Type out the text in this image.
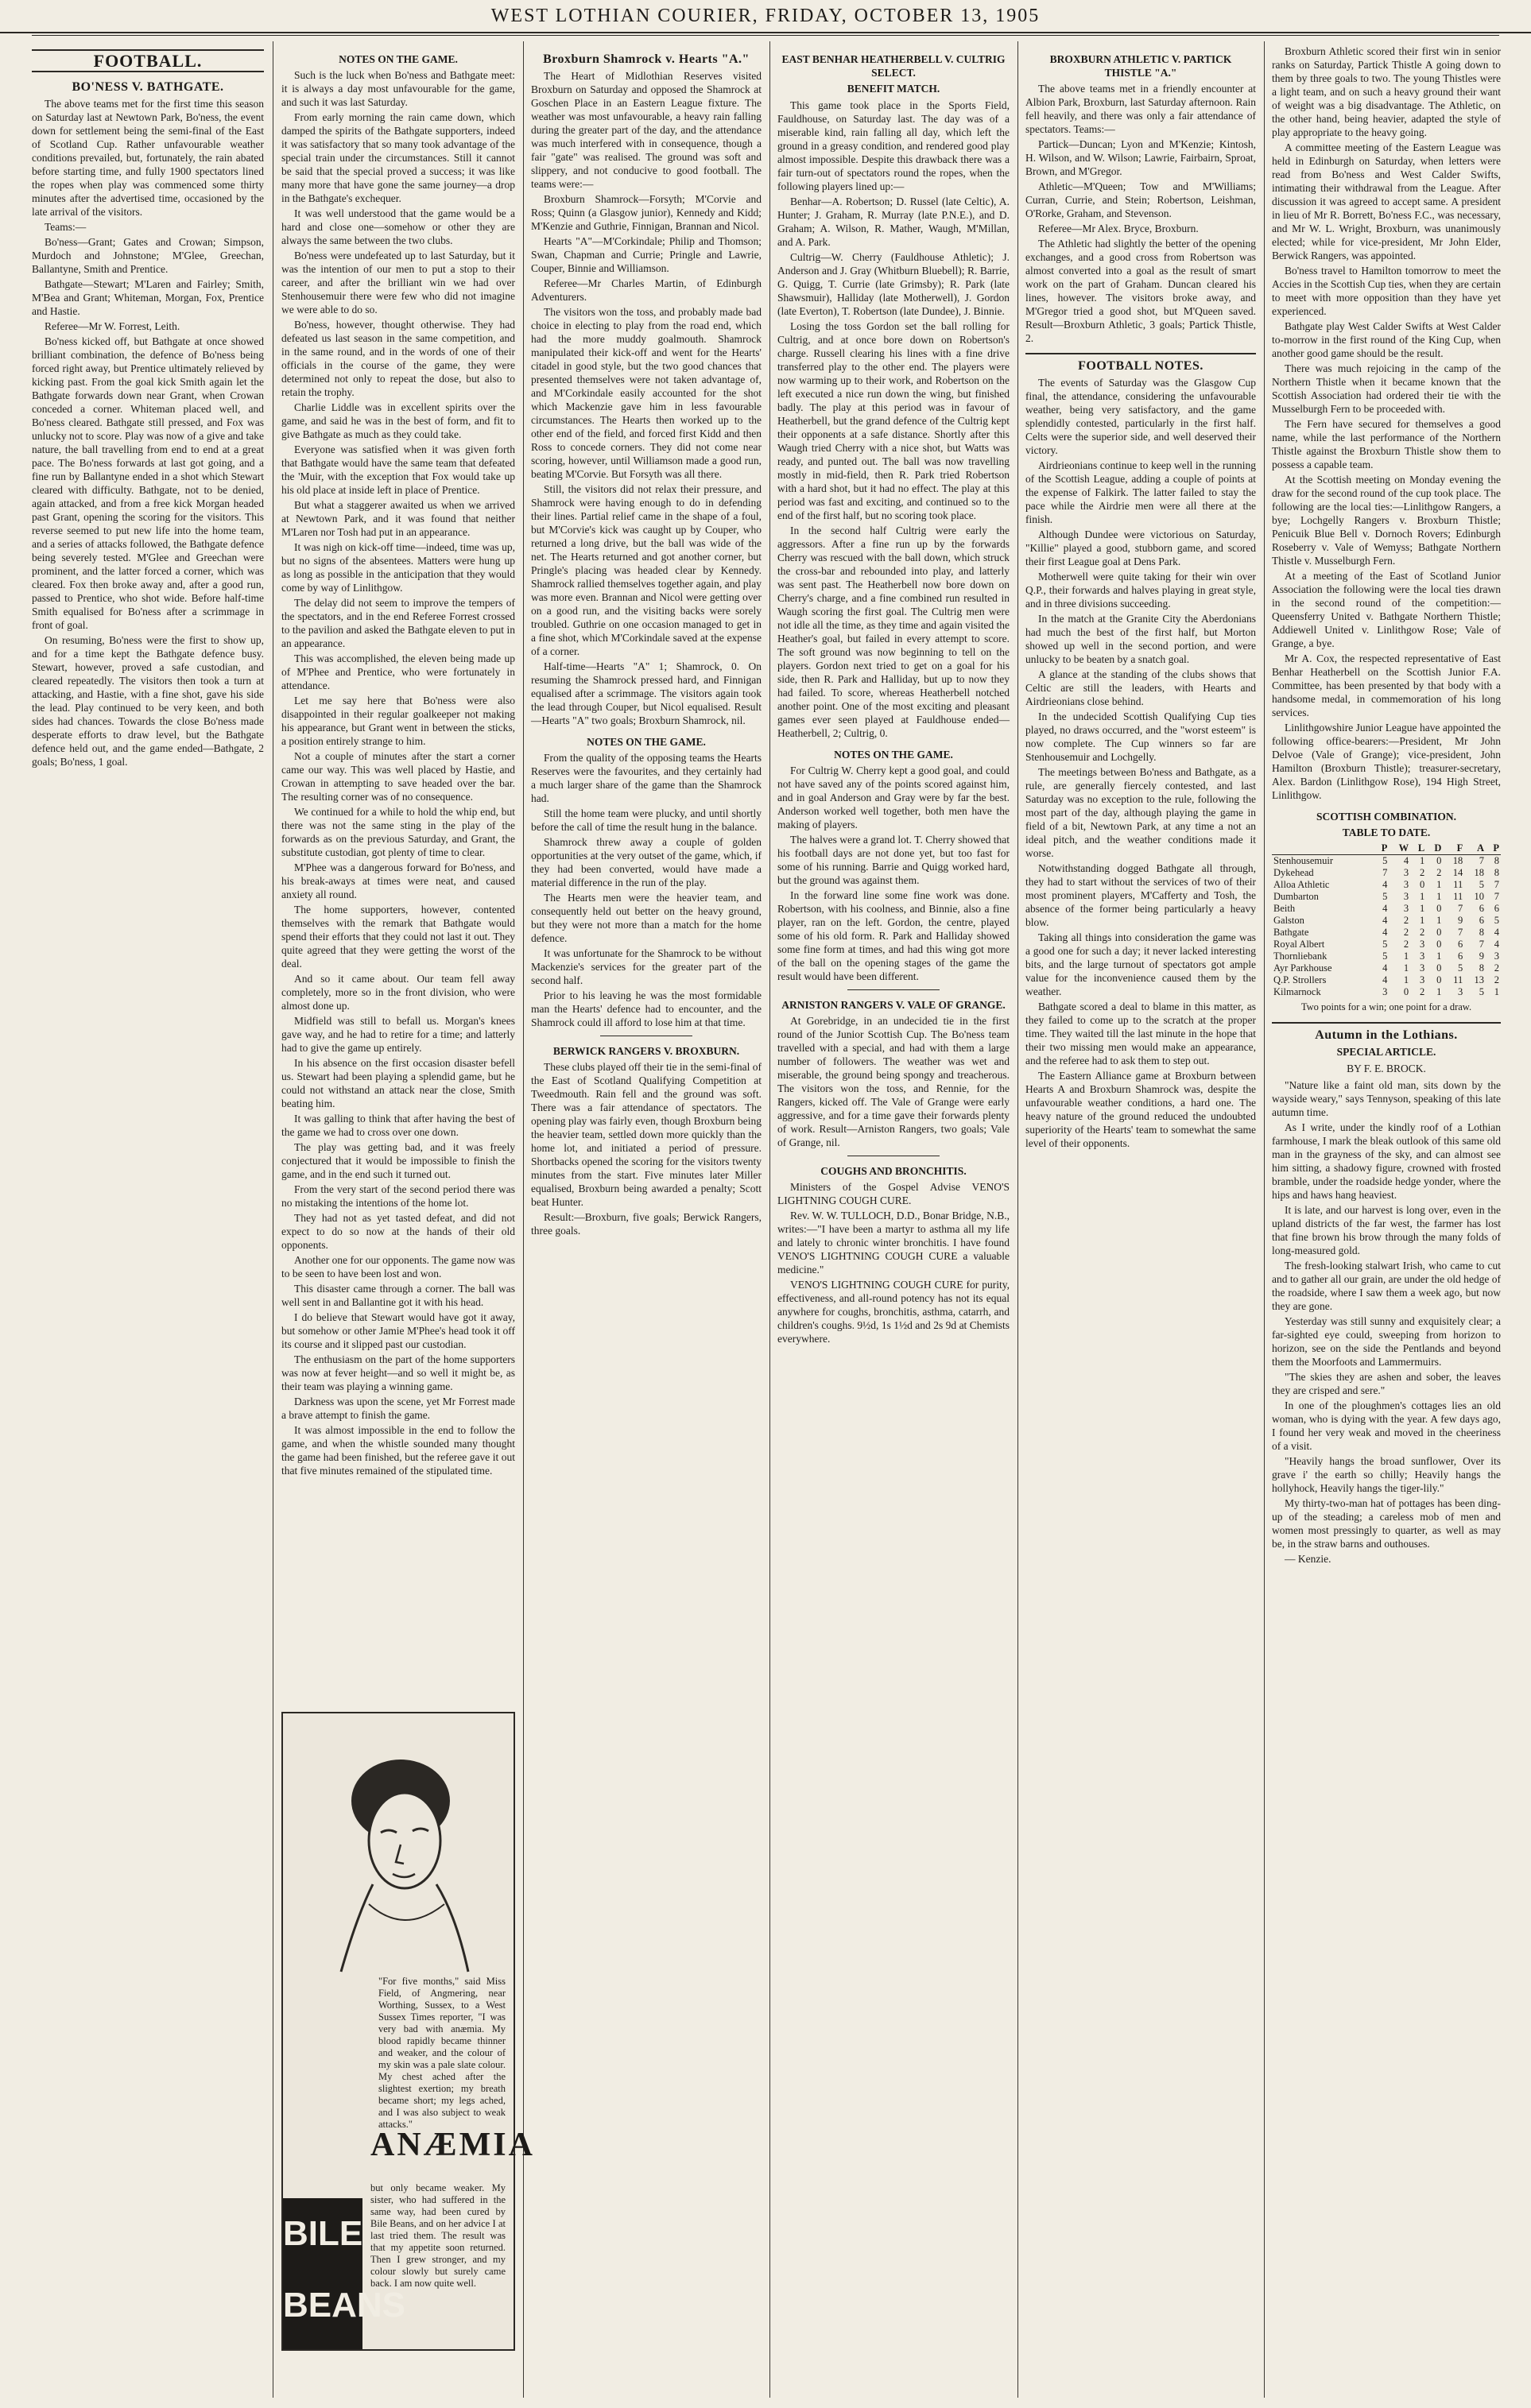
WEST LOTHIAN COURIER, FRIDAY, OCTOBER 13, 1905
FOOTBALL.
BO'NESS V. BATHGATE.

The above teams met for the first time this season on Saturday last at Newtown Park, Bo'ness, the event down for settlement being the semi-final of the East of Scotland Cup. Rather unfavourable weather conditions prevailed, but, fortunately, the rain abated before starting time, and fully 1900 spectators lined the ropes when play was commenced some thirty minutes after the advertised time, occasioned by the late arrival of the visitors.

Teams:—

Bo'ness—Grant; Gates and Crowan; Simpson, Murdoch and Johnstone; M'Glee, Greechan, Ballantyne, Smith and Prentice.

Bathgate—Stewart; M'Laren and Fairley; Smith, M'Bea and Grant; Whiteman, Morgan, Fox, Prentice and Hastie.

Referee—Mr W. Forrest, Leith.

Bo'ness kicked off, but Bathgate at once showed brilliant combination, the defence of Bo'ness being forced right away, but Prentice ultimately relieved by kicking past. From the goal kick Smith again let the Bathgate forwards down near Grant, when Crowan conceded a corner. Whiteman placed well, and Bo'ness cleared. Bathgate still pressed, and Fox was unlucky not to score. Play was now of a give and take nature, the ball travelling from end to end at a great pace. The Bo'ness forwards at last got going, and a fine run by Ballantyne ended in a shot which Stewart cleared with difficulty. Bathgate, not to be denied, again attacked, and from a free kick Morgan headed past Grant, opening the scoring for the visitors. This reverse seemed to put new life into the home team, and a series of attacks followed, the Bathgate defence being severely tested. M'Glee and Greechan were prominent, and the latter forced a corner, which was cleared. Fox then broke away and, after a good run, passed to Prentice, who shot wide. Before half-time Smith equalised for Bo'ness after a scrimmage in front of goal.

On resuming, Bo'ness were the first to show up, and for a time kept the Bathgate defence busy. Stewart, however, proved a safe custodian, and cleared repeatedly. The visitors then took a turn at attacking, and Hastie, with a fine shot, gave his side the lead. Play continued to be very keen, and both sides had chances. Towards the close Bo'ness made desperate efforts to draw level, but the Bathgate defence held out, and the game ended—Bathgate, 2 goals; Bo'ness, 1 goal.

NOTES ON THE GAME.

Such is the luck when Bo'ness and Bathgate meet: it is always a day most unfavourable for the game, and such it was last Saturday.

From early morning the rain came down, which damped the spirits of the Bathgate supporters, indeed it was satisfactory that so many took advantage of the special train under the circumstances. Still it cannot be said that the special proved a success; it was like many more that have gone the same journey—a drop in the Bathgate's exchequer.

It was well understood that the game would be a hard and close one—somehow or other they are always the same between the two clubs.

Bo'ness were undefeated up to last Saturday, but it was the intention of our men to put a stop to their career, and after the brilliant win we had over Stenhousemuir there were few who did not imagine we were able to do so.

Bo'ness, however, thought otherwise. They had defeated us last season in the same competition, and in the same round, and in the words of one of their officials in the course of the game, they were determined not only to repeat the dose, but also to retain the trophy.

Charlie Liddle was in excellent spirits over the game, and said he was in the best of form, and fit to give Bathgate as much as they could take.

Everyone was satisfied when it was given forth that Bathgate would have the same team that defeated the 'Muir, with the exception that Fox would take up his old place at inside left in place of Prentice.

But what a staggerer awaited us when we arrived at Newtown Park, and it was found that neither M'Laren nor Tosh had put in an appearance.

It was nigh on kick-off time—indeed, time was up, but no signs of the absentees. Matters were hung up as long as possible in the anticipation that they would come by way of Linlithgow.

The delay did not seem to improve the tempers of the spectators, and in the end Referee Forrest crossed to the pavilion and asked the Bathgate eleven to put in an appearance.

This was accomplished, the eleven being made up of M'Phee and Prentice, who were fortunately in attendance.

Let me say here that Bo'ness were also disappointed in their regular goalkeeper not making his appearance, but Grant went in between the sticks, a position entirely strange to him.

Not a couple of minutes after the start a corner came our way. This was well placed by Hastie, and Crowan in attempting to save headed over the bar. The resulting corner was of no consequence.

We continued for a while to hold the whip end, but there was not the same sting in the play of the forwards as on the previous Saturday, and Grant, the substitute custodian, got plenty of time to clear.

M'Phee was a dangerous forward for Bo'ness, and his break-aways at times were neat, and caused anxiety all round.

The home supporters, however, contented themselves with the remark that Bathgate would spend their efforts that they could not last it out. They quite agreed that they were getting the worst of the deal.

And so it came about. Our team fell away completely, more so in the front division, who were almost done up.

Midfield was still to befall us. Morgan's knees gave way, and he had to retire for a time; and latterly had to give the game up entirely.

In his absence on the first occasion disaster befell us. Stewart had been playing a splendid game, but he could not withstand an attack near the close, Smith beating him.

It was galling to think that after having the best of the game we had to cross over one down.

The play was getting bad, and it was freely conjectured that it would be impossible to finish the game, and in the end such it turned out.

From the very start of the second period there was no mistaking the intentions of the home lot.

They had not as yet tasted defeat, and did not expect to do so now at the hands of their old opponents.

Another one for our opponents. The game now was to be seen to have been lost and won.

This disaster came through a corner. The ball was well sent in and Ballantine got it with his head.

I do believe that Stewart would have got it away, but somehow or other Jamie M'Phee's head took it off its course and it slipped past our custodian.

The enthusiasm on the part of the home supporters was now at fever height—and so well it might be, as their team was playing a winning game.

Darkness was upon the scene, yet Mr Forrest made a brave attempt to finish the game.

It was almost impossible in the end to follow the game, and when the whistle sounded many thought the game had been finished, but the referee gave it out that five minutes remained of the stipulated time.

"For five months," said Miss Field, of Angmering, near Worthing, Sussex, to a West Sussex Times reporter, "I was very bad with anæmia. My blood rapidly became thinner and weaker, and the colour of my skin was a pale slate colour. My chest ached after the slightest exertion; my breath became short; my legs ached, and I was also subject to weak attacks."
ANÆMIA
but only became weaker. My sister, who had suffered in the same way, had been cured by Bile Beans, and on her advice I at last tried them. The result was that my appetite soon returned. Then I grew stronger, and my colour slowly but surely came back. I am now quite well.
BILE BEANS
Broxburn Shamrock v. Hearts "A."

The Heart of Midlothian Reserves visited Broxburn on Saturday and opposed the Shamrock at Goschen Place in an Eastern League fixture. The weather was most unfavourable, a heavy rain falling during the greater part of the day, and the attendance was much interfered with in consequence, though a fair "gate" was realised. The ground was soft and slippery, and not conducive to good football. The teams were:—

Broxburn Shamrock—Forsyth; M'Corvie and Ross; Quinn (a Glasgow junior), Kennedy and Kidd; M'Kenzie and Guthrie, Finnigan, Brannan and Nicol.

Hearts "A"—M'Corkindale; Philip and Thomson; Swan, Chapman and Currie; Pringle and Lawrie, Couper, Binnie and Williamson.

Referee—Mr Charles Martin, of Edinburgh Adventurers.

The visitors won the toss, and probably made bad choice in electing to play from the road end, which had the more muddy goalmouth. Shamrock manipulated their kick-off and went for the Hearts' citadel in good style, but the two good chances that presented themselves were not taken advantage of, and M'Corkindale easily accounted for the shot which Mackenzie gave him in less favourable circumstances. The Hearts then worked up to the other end of the field, and forced first Kidd and then Ross to concede corners. They did not come near scoring, however, until Williamson made a good run, beating M'Corvie. But Forsyth was all there.

Still, the visitors did not relax their pressure, and Shamrock were having enough to do in defending their lines. Partial relief came in the shape of a foul, but M'Corvie's kick was caught up by Couper, who returned a long drive, but the ball was wide of the net. The Hearts returned and got another corner, but Pringle's placing was headed clear by Kennedy. Shamrock rallied themselves together again, and play was more even. Brannan and Nicol were getting over on a good run, and the visiting backs were sorely troubled. Guthrie on one occasion managed to get in a fine shot, which M'Corkindale saved at the expense of a corner.

Half-time—Hearts "A" 1; Shamrock, 0. On resuming the Shamrock pressed hard, and Finnigan equalised after a scrimmage. The visitors again took the lead through Couper, but Nicol equalised. Result—Hearts "A" two goals; Broxburn Shamrock, nil.

NOTES ON THE GAME.

From the quality of the opposing teams the Hearts Reserves were the favourites, and they certainly had a much larger share of the game than the Shamrock had.

Still the home team were plucky, and until shortly before the call of time the result hung in the balance.

Shamrock threw away a couple of golden opportunities at the very outset of the game, which, if they had been converted, would have made a material difference in the run of the play.

The Hearts men were the heavier team, and consequently held out better on the heavy ground, but they were not more than a match for the home defence.

It was unfortunate for the Shamrock to be without Mackenzie's services for the greater part of the second half.

Prior to his leaving he was the most formidable man the Hearts' defence had to encounter, and the Shamrock could ill afford to lose him at that time.

BERWICK RANGERS V. BROXBURN.

These clubs played off their tie in the semi-final of the East of Scotland Qualifying Competition at Tweedmouth. Rain fell and the ground was soft. There was a fair attendance of spectators. The opening play was fairly even, though Broxburn being the heavier team, settled down more quickly than the home lot, and initiated a period of pressure. Shortbacks opened the scoring for the visitors twenty minutes from the start. Five minutes later Miller equalised, Broxburn being awarded a penalty; Scott beat Hunter.

Result:—Broxburn, five goals; Berwick Rangers, three goals.

EAST BENHAR HEATHERBELL V. CULTRIG SELECT.
BENEFIT MATCH.

This game took place in the Sports Field, Fauldhouse, on Saturday last. The day was of a miserable kind, rain falling all day, which left the ground in a greasy condition, and rendered good play almost impossible. Despite this drawback there was a fair turn-out of spectators round the ropes, when the following players lined up:—

Benhar—A. Robertson; D. Russel (late Celtic), A. Hunter; J. Graham, R. Murray (late P.N.E.), and D. Graham; A. Wilson, R. Mather, Waugh, M'Millan, and A. Park.

Cultrig—W. Cherry (Fauldhouse Athletic); J. Anderson and J. Gray (Whitburn Bluebell); R. Barrie, G. Quigg, T. Currie (late Grimsby); R. Park (late Shawsmuir), Halliday (late Motherwell), J. Gordon (late Everton), T. Robertson (late Dundee), J. Binnie.

Losing the toss Gordon set the ball rolling for Cultrig, and at once bore down on Robertson's charge. Russell clearing his lines with a fine drive transferred play to the other end. The players were now warming up to their work, and Robertson on the left executed a nice run down the wing, but finished badly. The play at this period was in favour of Heatherbell, but the grand defence of the Cultrig kept their opponents at a safe distance. Shortly after this Waugh tried Cherry with a nice shot, but Watts was ready, and punted out. The ball was now travelling mostly in mid-field, then R. Park tried Robertson with a hard shot, but it had no effect. The play at this period was fast and exciting, and continued so to the end of the first half, but no scoring took place.

In the second half Cultrig were early the aggressors. After a fine run up by the forwards Cherry was rescued with the ball down, which struck the cross-bar and rebounded into play, and latterly was sent past. The Heatherbell now bore down on Cherry's charge, and a fine combined run resulted in Waugh scoring the first goal. The Cultrig men were not idle all the time, as they time and again visited the Heather's goal, but failed in every attempt to score. The soft ground was now beginning to tell on the players. Gordon next tried to get on a goal for his side, then R. Park and Halliday, but up to now they had failed. To score, whereas Heatherbell notched another point. One of the most exciting and pleasant games ever seen played at Fauldhouse ended—Heatherbell, 2; Cultrig, 0.

NOTES ON THE GAME.

For Cultrig W. Cherry kept a good goal, and could not have saved any of the points scored against him, and in goal Anderson and Gray were by far the best. Anderson worked well together, both men have the making of players.

The halves were a grand lot. T. Cherry showed that his football days are not done yet, but too fast for some of his running. Barrie and Quigg worked hard, but the ground was against them.

In the forward line some fine work was done. Robertson, with his coolness, and Binnie, also a fine player, ran on the left. Gordon, the centre, played some of his old form. R. Park and Halliday showed some fine form at times, and had this wing got more of the ball on the opening stages of the game the result would have been different.

ARNISTON RANGERS V. VALE OF GRANGE.

At Gorebridge, in an undecided tie in the first round of the Junior Scottish Cup. The Bo'ness team travelled with a special, and had with them a large number of followers. The weather was wet and miserable, the ground being spongy and treacherous. The visitors won the toss, and Rennie, for the Rangers, kicked off. The Vale of Grange were early aggressive, and for a time gave their forwards plenty of work. Result—Arniston Rangers, two goals; Vale of Grange, nil.

COUGHS AND BRONCHITIS.

Ministers of the Gospel Advise VENO'S LIGHTNING COUGH CURE.

Rev. W. W. TULLOCH, D.D., Bonar Bridge, N.B., writes:—"I have been a martyr to asthma all my life and lately to chronic winter bronchitis. I have found VENO'S LIGHTNING COUGH CURE a valuable medicine."

VENO'S LIGHTNING COUGH CURE for purity, effectiveness, and all-round potency has not its equal anywhere for coughs, bronchitis, asthma, catarrh, and children's coughs. 9½d, 1s 1½d and 2s 9d at Chemists everywhere.

BROXBURN ATHLETIC V. PARTICK THISTLE "A."

The above teams met in a friendly encounter at Albion Park, Broxburn, last Saturday afternoon. Rain fell heavily, and there was only a fair attendance of spectators. Teams:—

Partick—Duncan; Lyon and M'Kenzie; Kintosh, H. Wilson, and W. Wilson; Lawrie, Fairbairn, Sproat, Brown, and M'Gregor.

Athletic—M'Queen; Tow and M'Williams; Curran, Currie, and Stein; Robertson, Leishman, O'Rorke, Graham, and Stevenson.

Referee—Mr Alex. Bryce, Broxburn.

The Athletic had slightly the better of the opening exchanges, and a good cross from Robertson was almost converted into a goal as the result of smart work on the part of Graham. Duncan cleared his lines, however. The visitors broke away, and M'Gregor tried a good shot, but M'Queen saved. Result—Broxburn Athletic, 3 goals; Partick Thistle, 2.

FOOTBALL NOTES.

The events of Saturday was the Glasgow Cup final, the attendance, considering the unfavourable weather, being very satisfactory, and the game splendidly contested, particularly in the first half. Celts were the superior side, and well deserved their victory.

Airdrieonians continue to keep well in the running of the Scottish League, adding a couple of points at the expense of Falkirk. The latter failed to stay the pace while the Airdrie men were all there at the finish.

Although Dundee were victorious on Saturday, "Killie" played a good, stubborn game, and scored their first League goal at Dens Park.

Motherwell were quite taking for their win over Q.P., their forwards and halves playing in great style, and in three divisions succeeding.

In the match at the Granite City the Aberdonians had much the best of the first half, but Morton showed up well in the second portion, and were unlucky to be beaten by a snatch goal.

A glance at the standing of the clubs shows that Celtic are still the leaders, with Hearts and Airdrieonians close behind.

In the undecided Scottish Qualifying Cup ties played, no draws occurred, and the "worst esteem" is now complete. The Cup winners so far are Stenhousemuir and Lochgelly.

The meetings between Bo'ness and Bathgate, as a rule, are generally fiercely contested, and last Saturday was no exception to the rule, following the most part of the day, although playing the game in field of a bit, Newtown Park, at any time a not an ideal pitch, and the weather conditions made it worse.

Notwithstanding dogged Bathgate all through, they had to start without the services of two of their most prominent players, M'Cafferty and Tosh, the absence of the former being particularly a heavy blow.

Taking all things into consideration the game was a good one for such a day; it never lacked interesting bits, and the large turnout of spectators got ample value for the inconvenience caused them by the weather.

Bathgate scored a deal to blame in this matter, as they failed to come up to the scratch at the proper time. They waited till the last minute in the hope that their two missing men would make an appearance, and the referee had to ask them to step out.

The Eastern Alliance game at Broxburn between Hearts A and Broxburn Shamrock was, despite the unfavourable weather conditions, a hard one. The heavy nature of the ground reduced the undoubted superiority of the Hearts' team to somewhat the same level of their opponents.

Broxburn Athletic scored their first win in senior ranks on Saturday, Partick Thistle A going down to them by three goals to two. The young Thistles were a light team, and on such a heavy ground their want of weight was a big disadvantage. The Athletic, on the other hand, being heavier, adapted the style of play appropriate to the heavy going.

A committee meeting of the Eastern League was held in Edinburgh on Saturday, when letters were read from Bo'ness and West Calder Swifts, intimating their withdrawal from the League. After discussion it was agreed to accept same. A president in lieu of Mr R. Borrett, Bo'ness F.C., was necessary, and Mr W. L. Wright, Broxburn, was unanimously elected; while for vice-president, Mr John Elder, Berwick Rangers, was appointed.

Bo'ness travel to Hamilton tomorrow to meet the Accies in the Scottish Cup ties, when they are certain to meet with more opposition than they have yet experienced.

Bathgate play West Calder Swifts at West Calder to-morrow in the first round of the King Cup, when another good game should be the result.

There was much rejoicing in the camp of the Northern Thistle when it became known that the Scottish Association had ordered their tie with the Musselburgh Fern to be proceeded with.

The Fern have secured for themselves a good name, while the last performance of the Northern Thistle against the Broxburn Thistle show them to possess a capable team.

At the Scottish meeting on Monday evening the draw for the second round of the cup took place. The following are the local ties:—Linlithgow Rangers, a bye; Lochgelly Rangers v. Broxburn Thistle; Penicuik Blue Bell v. Dornoch Rovers; Edinburgh Roseberry v. Vale of Wemyss; Bathgate Northern Thistle v. Musselburgh Fern.

At a meeting of the East of Scotland Junior Association the following were the local ties drawn in the second round of the competition:—Queensferry United v. Bathgate Northern Thistle; Addiewell United v. Linlithgow Rose; Vale of Grange, a bye.

Mr A. Cox, the respected representative of East Benhar Heatherbell on the Scottish Junior F.A. Committee, has been presented by that body with a handsome medal, in commemoration of his long services.

Linlithgowshire Junior League have appointed the following office-bearers:—President, Mr John Delvoe (Vale of Grange); vice-president, John Hamilton (Broxburn Thistle); treasurer-secretary, Alex. Bardon (Linlithgow Rose), 194 High Street, Linlithgow.

SCOTTISH COMBINATION.
TABLE TO DATE.
	P	W	L	D	F	A	P
Stenhousemuir	5	4	1	0	18	7	8
Dykehead	7	3	2	2	14	18	8
Alloa Athletic	4	3	0	1	11	5	7
Dumbarton	5	3	1	1	11	10	7
Beith	4	3	1	0	7	6	6
Galston	4	2	1	1	9	6	5
Bathgate	4	2	2	0	7	8	4
Royal Albert	5	2	3	0	6	7	4
Thornliebank	5	1	3	1	6	9	3
Ayr Parkhouse	4	1	3	0	5	8	2
Q.P. Strollers	4	1	3	0	11	13	2
Kilmarnock	3	0	2	1	3	5	1
Two points for a win; one point for a draw.
Autumn in the Lothians.
SPECIAL ARTICLE.
BY F. E. BROCK.

"Nature like a faint old man, sits down by the wayside weary," says Tennyson, speaking of this late autumn time.

As I write, under the kindly roof of a Lothian farmhouse, I mark the bleak outlook of this same old man in the grayness of the sky, and can almost see him sitting, a shadowy figure, crowned with frosted bramble, under the roadside hedge yonder, where the hips and haws hang heaviest.

It is late, and our harvest is long over, even in the upland districts of the far west, the farmer has lost that fine brown his brow through the many folds of long-measured gold.

The fresh-looking stalwart Irish, who came to cut and to gather all our grain, are under the old hedge of the roadside, where I saw them a week ago, but now they are gone.

Yesterday was still sunny and exquisitely clear; a far-sighted eye could, sweeping from horizon to horizon, see on the side the Pentlands and beyond them the Moorfoots and Lammermuirs.

"The skies they are ashen and sober, the leaves they are crisped and sere."

In one of the ploughmen's cottages lies an old woman, who is dying with the year. A few days ago, I found her very weak and moved in the cheeriness of a visit.

"Heavily hangs the broad sunflower, Over its grave i' the earth so chilly; Heavily hangs the hollyhock, Heavily hangs the tiger-lily."

My thirty-two-man hat of pottages has been ding-up of the steading; a careless mob of men and women most pressingly to quarter, as well as may be, in the straw barns and outhouses.

— Kenzie.
